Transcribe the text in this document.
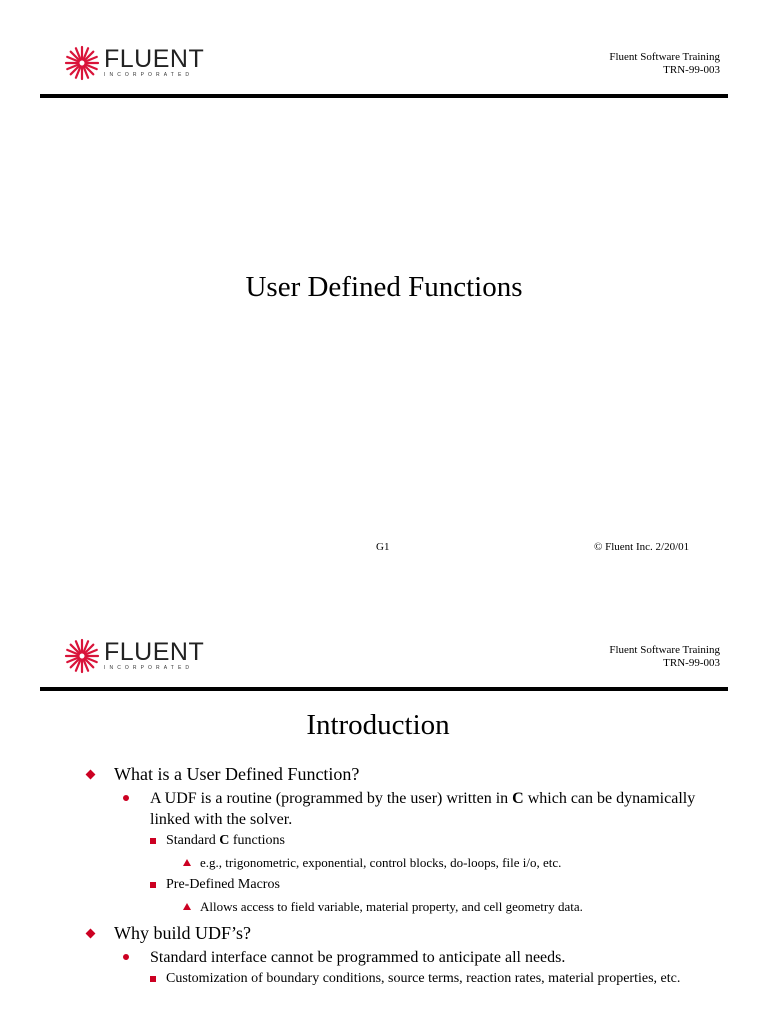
FLUENT
INCORPORATED
Fluent Software Training
TRN-99-003
User Defined Functions
G1	© Fluent Inc. 2/20/01
FLUENT
INCORPORATED
Fluent Software Training
TRN-99-003
Introduction
What is a User Defined Function?
A UDF is a routine (programmed by the user) written in C which can be dynamically linked with the solver.
Standard C functions
e.g., trigonometric, exponential, control blocks, do-loops, file i/o, etc.
Pre-Defined Macros
Allows access to field variable, material property, and cell geometry data.
Why build UDF’s?
Standard interface cannot be programmed to anticipate all needs.
Customization of boundary conditions, source terms, reaction rates, material properties, etc.
